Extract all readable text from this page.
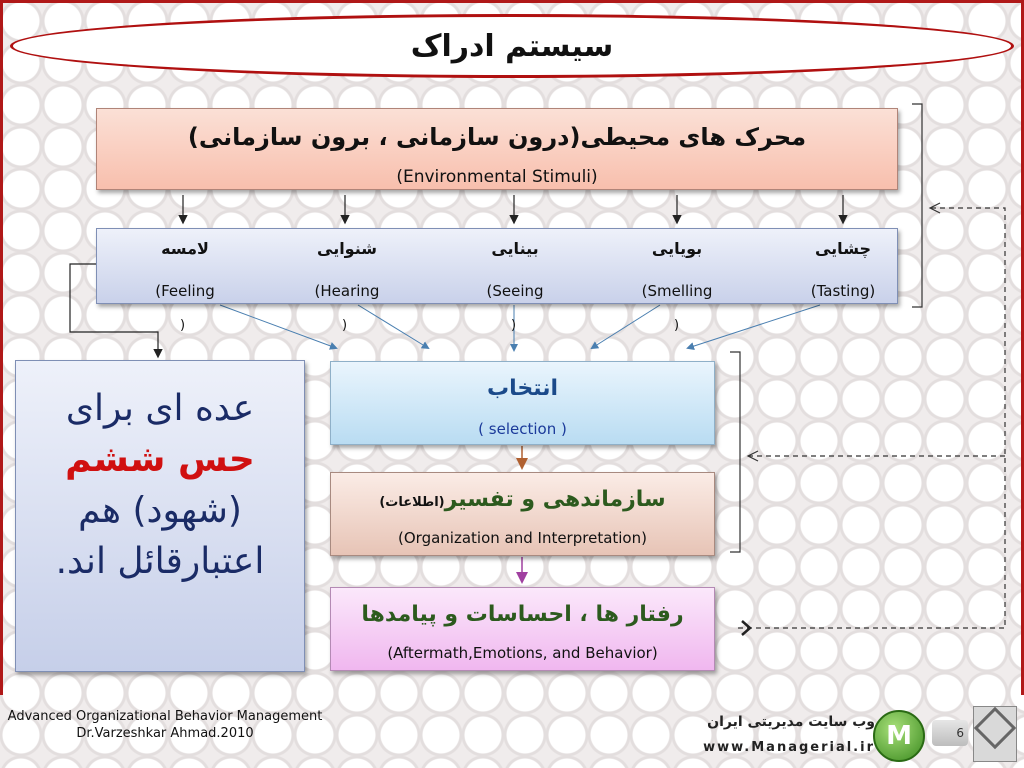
سیستم ادراک
محرک های محیطی(درون سازمانی ، برون سازمانی)
(Environmental Stimuli)
چشایی
(Tasting)
بویایی
(Smelling
بینایی
(Seeing
شنوایی
(Hearing
لامسه
(Feeling
)	)	)	)
عده ای برای
حس ششم
(شهود) هم
اعتبارقائل اند.
انتخاب
( selection )
سازماندهی و تفسیر(اطلاعات)
(Organization and Interpretation)
رفتار ها ، احساسات و پیامدها
(Aftermath,Emotions, and Behavior)
Advanced Organizational Behavior Management
Dr.Varzeshkar Ahmad.2010
وب سایت مدیریتی ایران
www.Managerial.ir M	6
